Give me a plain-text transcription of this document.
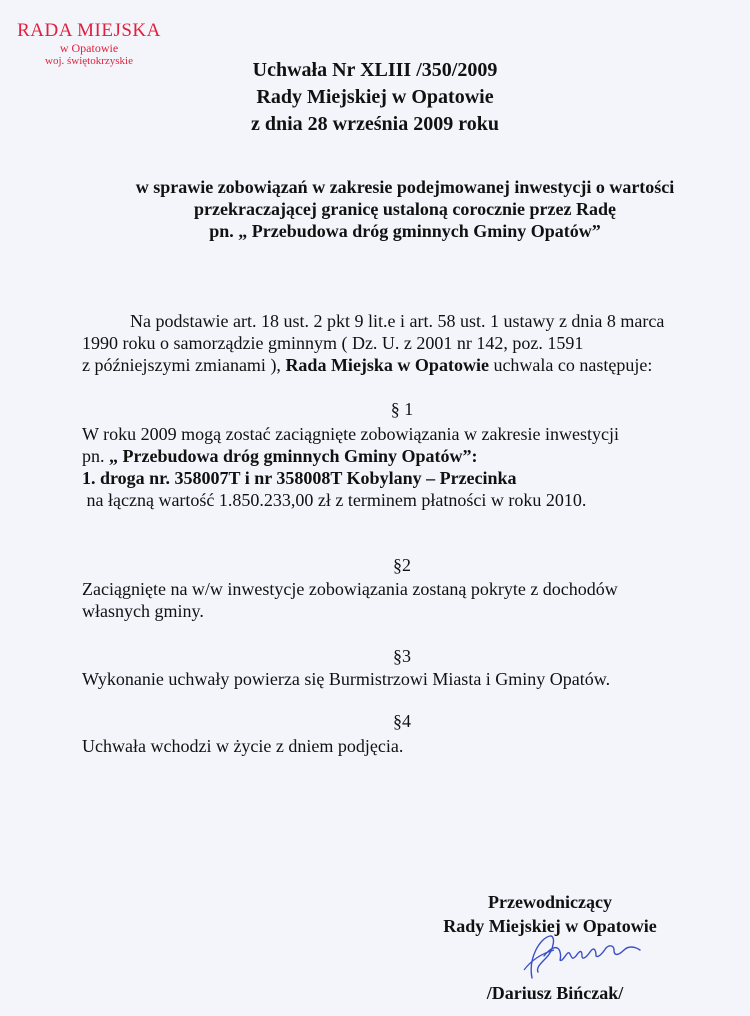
RADA MIEJSKA
w Opatowie
woj. świętokrzyskie	Uchwała Nr XLIII /350/2009
Rady Miejskiej w Opatowie
z dnia 28 września 2009 roku
w sprawie zobowiązań w zakresie podejmowanej inwestycji o wartości
przekraczającej granicę ustaloną corocznie przez Radę
pn. „ Przebudowa dróg gminnych Gminy Opatów”
Na podstawie art. 18 ust. 2 pkt 9 lit.e i art. 58 ust. 1 ustawy z dnia 8 marca
1990 roku o samorządzie gminnym ( Dz. U. z 2001 nr 142, poz. 1591
z późniejszymi zmianami ), Rada Miejska w Opatowie uchwala co następuje:
§ 1
W roku 2009 mogą zostać zaciągnięte zobowiązania w zakresie inwestycji
pn. „ Przebudowa dróg gminnych Gminy Opatów”:
1. droga nr. 358007T i nr 358008T Kobylany – Przecinka
na łączną wartość 1.850.233,00 zł z terminem płatności w roku 2010.
§2
Zaciągnięte na w/w inwestycje zobowiązania zostaną pokryte z dochodów
własnych gminy.
§3
Wykonanie uchwały powierza się Burmistrzowi Miasta i Gminy Opatów.
§4
Uchwała wchodzi w życie z dniem podjęcia.
Przewodniczący
Rady Miejskiej w Opatowie
/Dariusz Bińczak/
